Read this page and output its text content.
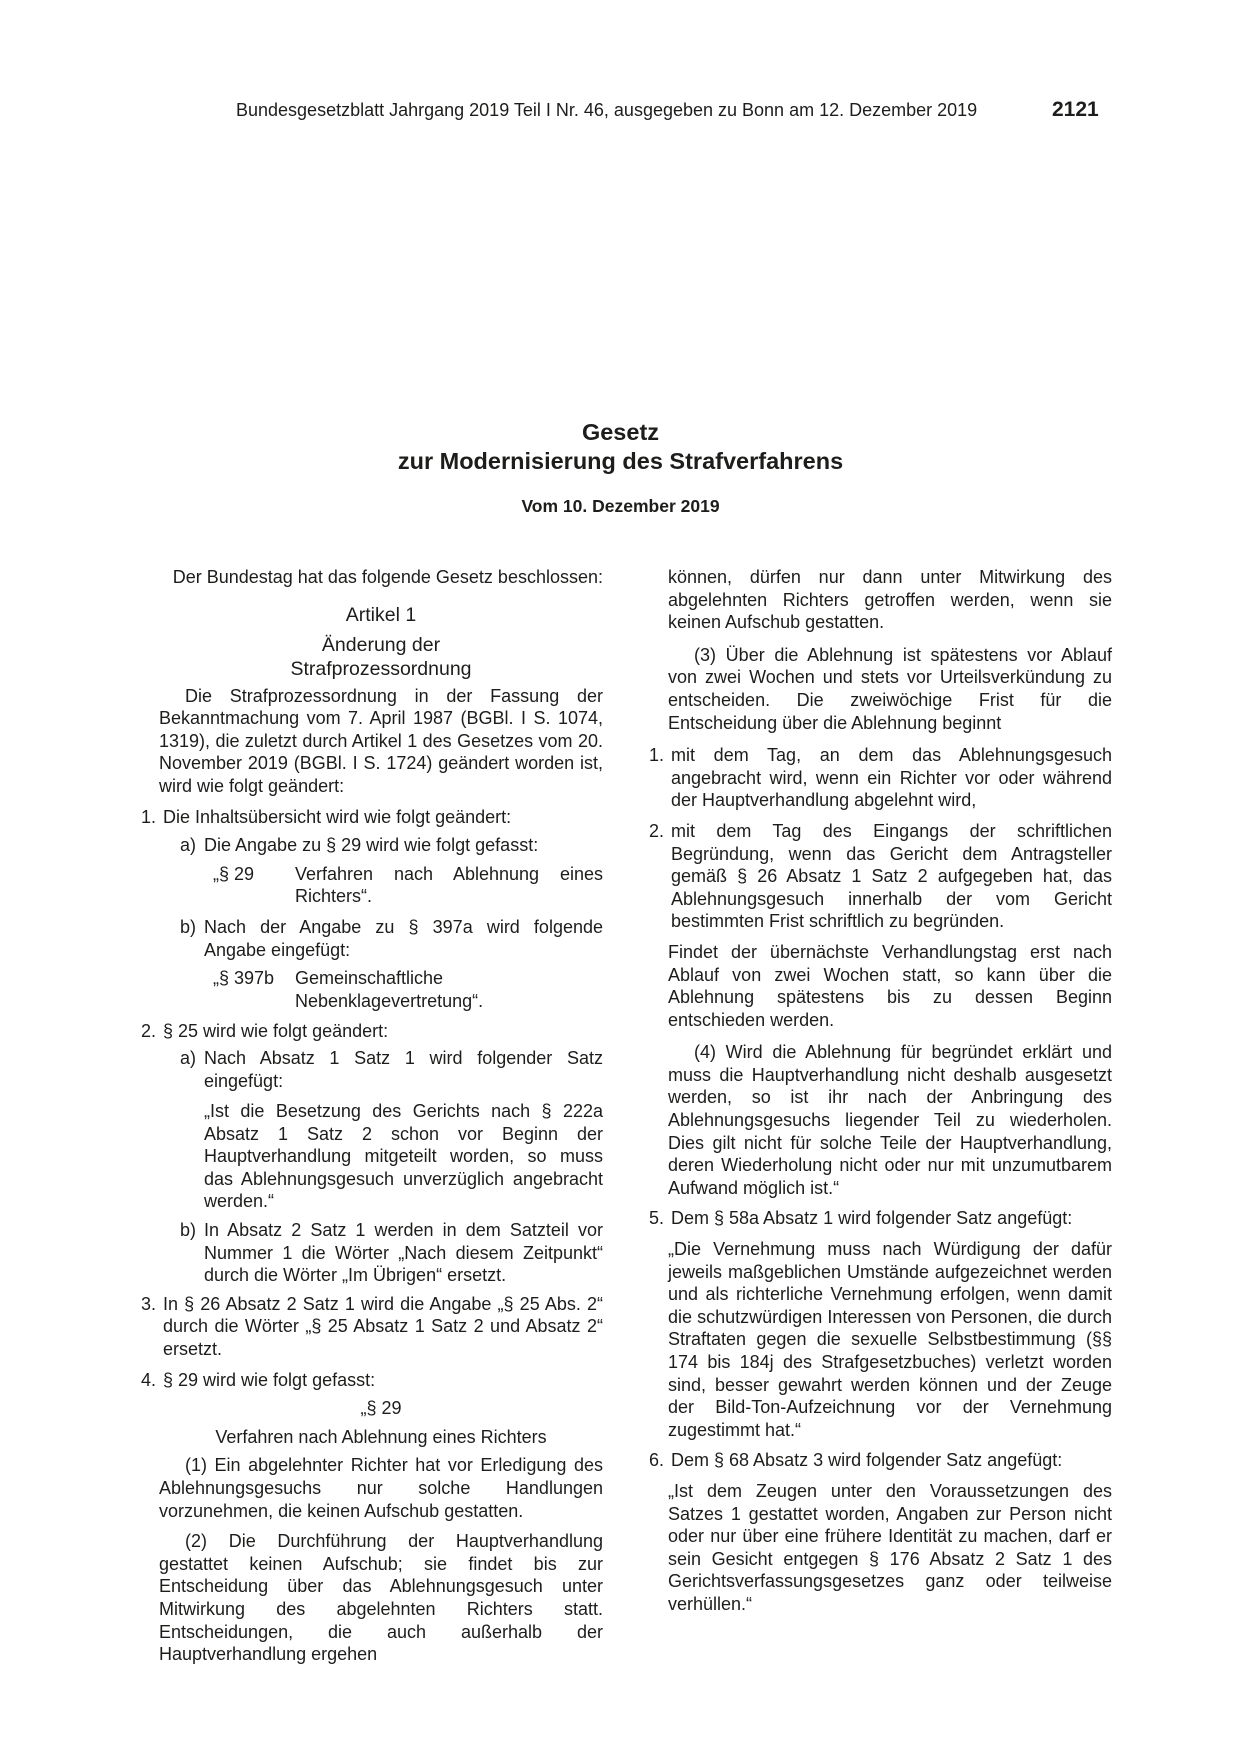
Bundesgesetzblatt Jahrgang 2019 Teil I Nr. 46, ausgegeben zu Bonn am 12. Dezember 2019	2121
Gesetz
zur Modernisierung des Strafverfahrens
Vom 10. Dezember 2019

Der Bundestag hat das folgende Gesetz beschlossen:

Artikel 1

Änderung der

Strafprozessordnung

Die Strafprozessordnung in der Fassung der Bekanntmachung vom 7. April 1987 (BGBl. I S. 1074, 1319), die zuletzt durch Artikel 1 des Gesetzes vom 20. November 2019 (BGBl. I S. 1724) geändert worden ist, wird wie folgt geändert:

1. Die Inhaltsübersicht wird wie folgt geändert:
a) Die Angabe zu § 29 wird wie folgt gefasst:
„§ 29	Verfahren nach Ablehnung eines Richters“.
b) Nach der Angabe zu § 397a wird folgende Angabe eingefügt:
„§ 397b	Gemeinschaftliche Nebenklagevertretung“.
2. § 25 wird wie folgt geändert:
a) Nach Absatz 1 Satz 1 wird folgender Satz eingefügt:

„Ist die Besetzung des Gerichts nach § 222a Absatz 1 Satz 2 schon vor Beginn der Hauptverhandlung mitgeteilt worden, so muss das Ablehnungsgesuch unverzüglich angebracht werden.“

b) In Absatz 2 Satz 1 werden in dem Satzteil vor Nummer 1 die Wörter „Nach diesem Zeitpunkt“ durch die Wörter „Im Übrigen“ ersetzt.
3. In § 26 Absatz 2 Satz 1 wird die Angabe „§ 25 Abs. 2“ durch die Wörter „§ 25 Absatz 1 Satz 2 und Absatz 2“ ersetzt.
4. § 29 wird wie folgt gefasst:

„§ 29

Verfahren nach Ablehnung eines Richters

(1) Ein abgelehnter Richter hat vor Erledigung des Ablehnungsgesuchs nur solche Handlungen vorzunehmen, die keinen Aufschub gestatten.

(2) Die Durchführung der Hauptverhandlung gestattet keinen Aufschub; sie findet bis zur Entscheidung über das Ablehnungsgesuch unter Mitwirkung des abgelehnten Richters statt. Entscheidungen, die auch außerhalb der Hauptverhandlung ergehen

können, dürfen nur dann unter Mitwirkung des abgelehnten Richters getroffen werden, wenn sie keinen Aufschub gestatten.

(3) Über die Ablehnung ist spätestens vor Ablauf von zwei Wochen und stets vor Urteilsverkündung zu entscheiden. Die zweiwöchige Frist für die Entscheidung über die Ablehnung beginnt

1. mit dem Tag, an dem das Ablehnungsgesuch angebracht wird, wenn ein Richter vor oder während der Hauptverhandlung abgelehnt wird,
2. mit dem Tag des Eingangs der schriftlichen Begründung, wenn das Gericht dem Antragsteller gemäß § 26 Absatz 1 Satz 2 aufgegeben hat, das Ablehnungsgesuch innerhalb der vom Gericht bestimmten Frist schriftlich zu begründen.

Findet der übernächste Verhandlungstag erst nach Ablauf von zwei Wochen statt, so kann über die Ablehnung spätestens bis zu dessen Beginn entschieden werden.

(4) Wird die Ablehnung für begründet erklärt und muss die Hauptverhandlung nicht deshalb ausgesetzt werden, so ist ihr nach der Anbringung des Ablehnungsgesuchs liegender Teil zu wiederholen. Dies gilt nicht für solche Teile der Hauptverhandlung, deren Wiederholung nicht oder nur mit unzumutbarem Aufwand möglich ist.“

5. Dem § 58a Absatz 1 wird folgender Satz angefügt:

„Die Vernehmung muss nach Würdigung der dafür jeweils maßgeblichen Umstände aufgezeichnet werden und als richterliche Vernehmung erfolgen, wenn damit die schutzwürdigen Interessen von Personen, die durch Straftaten gegen die sexuelle Selbstbestimmung (§§ 174 bis 184j des Strafgesetzbuches) verletzt worden sind, besser gewahrt werden können und der Zeuge der Bild-Ton-Aufzeichnung vor der Vernehmung zugestimmt hat.“

6. Dem § 68 Absatz 3 wird folgender Satz angefügt:

„Ist dem Zeugen unter den Voraussetzungen des Satzes 1 gestattet worden, Angaben zur Person nicht oder nur über eine frühere Identität zu machen, darf er sein Gesicht entgegen § 176 Absatz 2 Satz 1 des Gerichtsverfassungsgesetzes ganz oder teilweise verhüllen.“
